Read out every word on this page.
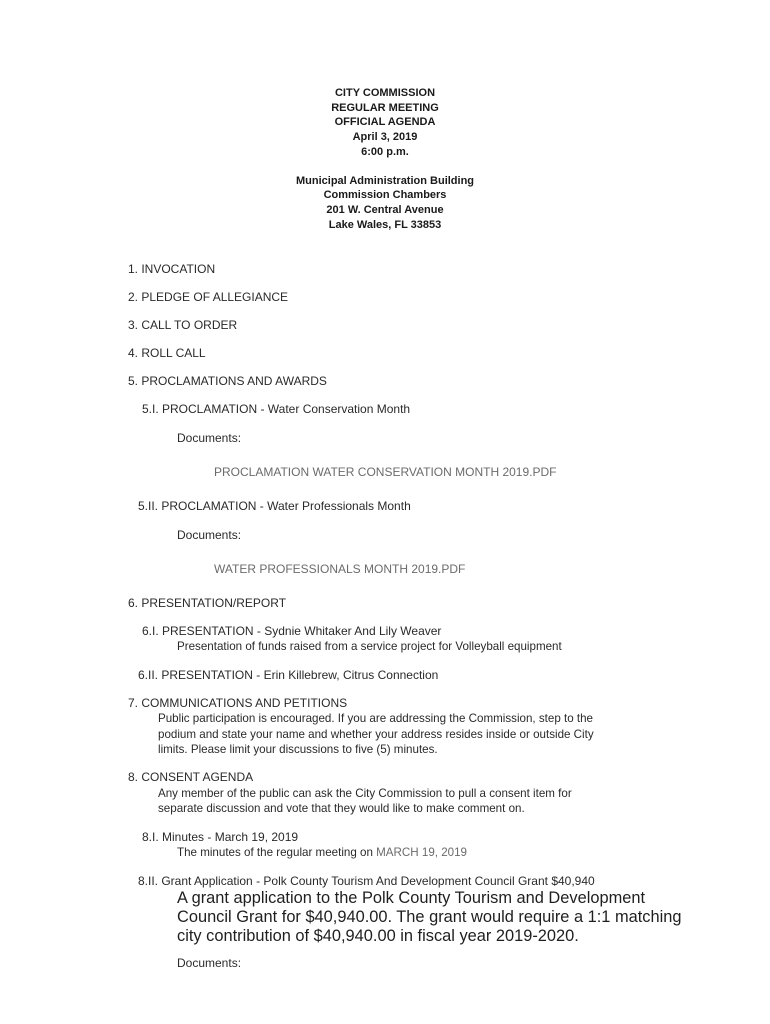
CITY COMMISSION
REGULAR MEETING
OFFICIAL AGENDA
April 3, 2019
6:00 p.m.
Municipal Administration Building
Commission Chambers
201 W. Central Avenue
Lake Wales, FL 33853
1. INVOCATION
2. PLEDGE OF ALLEGIANCE
3. CALL TO ORDER
4. ROLL CALL
5. PROCLAMATIONS AND AWARDS
5.I. PROCLAMATION - Water Conservation Month
Documents:
PROCLAMATION WATER CONSERVATION MONTH 2019.PDF
5.II. PROCLAMATION - Water Professionals Month
Documents:
WATER PROFESSIONALS MONTH 2019.PDF
6. PRESENTATION/REPORT
6.I. PRESENTATION - Sydnie Whitaker And Lily Weaver
Presentation of funds raised from a service project for Volleyball equipment
6.II. PRESENTATION - Erin Killebrew, Citrus Connection
7. COMMUNICATIONS AND PETITIONS
Public participation is encouraged. If you are addressing the Commission, step to the
podium and state your name and whether your address resides inside or outside City
limits. Please limit your discussions to five (5) minutes.
8. CONSENT AGENDA
Any member of the public can ask the City Commission to pull a consent item for
separate discussion and vote that they would like to make comment on.
8.I. Minutes - March 19, 2019
The minutes of the regular meeting on MARCH 19, 2019
8.II. Grant Application - Polk County Tourism And Development Council Grant $40,940
A grant application to the Polk County Tourism and Development
Council Grant for $40,940.00. The grant would require a 1:1 matching
city contribution of $40,940.00 in fiscal year 2019-2020.
Documents:
